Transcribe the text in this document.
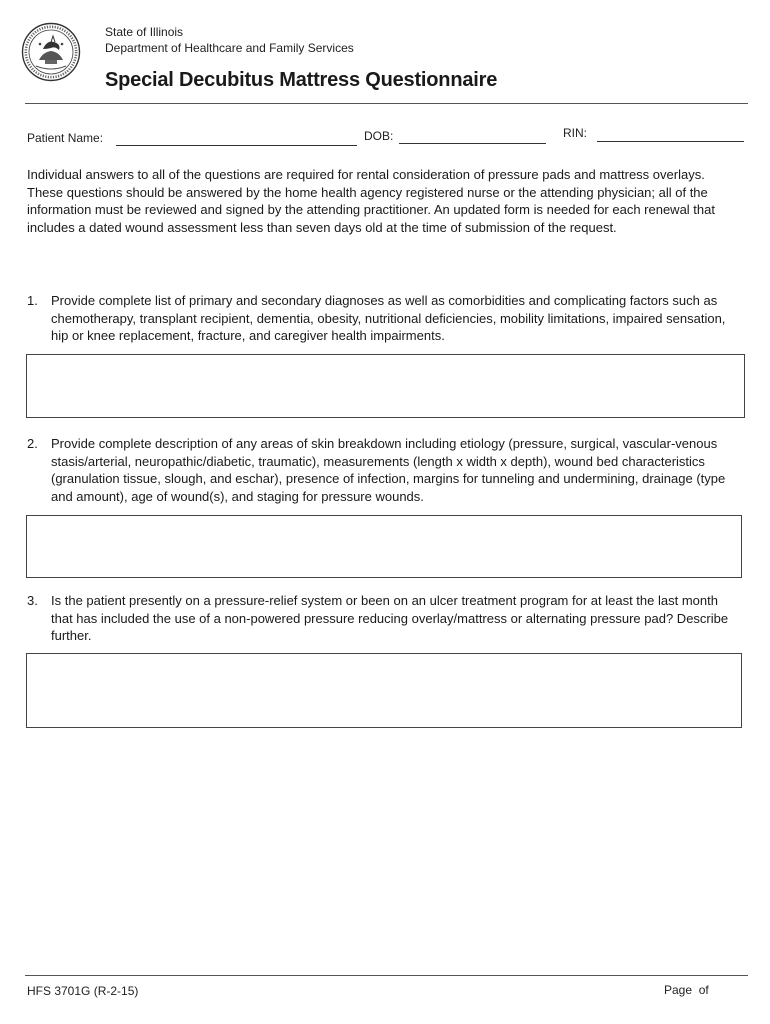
State of Illinois
Department of Healthcare and Family Services
Special Decubitus Mattress Questionnaire
Patient Name:	DOB:	RIN:
Individual answers to all of the questions are required for rental consideration of pressure pads and mattress overlays. These questions should be answered by the home health agency registered nurse or the attending physician; all of the information must be reviewed and signed by the attending practitioner. An updated form is needed for each renewal that includes a dated wound assessment less than seven days old at the time of submission of the request.
1. Provide complete list of primary and secondary diagnoses as well as comorbidities and complicating factors such as chemotherapy, transplant recipient, dementia, obesity, nutritional deficiencies, mobility limitations, impaired sensation, hip or knee replacement, fracture, and caregiver health impairments.
2. Provide complete description of any areas of skin breakdown including etiology (pressure, surgical, vascular-venous stasis/arterial, neuropathic/diabetic, traumatic), measurements (length x width x depth), wound bed characteristics (granulation tissue, slough, and eschar), presence of infection, margins for tunneling and undermining, drainage (type and amount), age of wound(s), and staging for pressure wounds.
3. Is the patient presently on a pressure-relief system or been on an ulcer treatment program for at least the last month that has included the use of a non-powered pressure reducing overlay/mattress or alternating pressure pad? Describe further.
HFS 3701G (R-2-15)	Page  of
